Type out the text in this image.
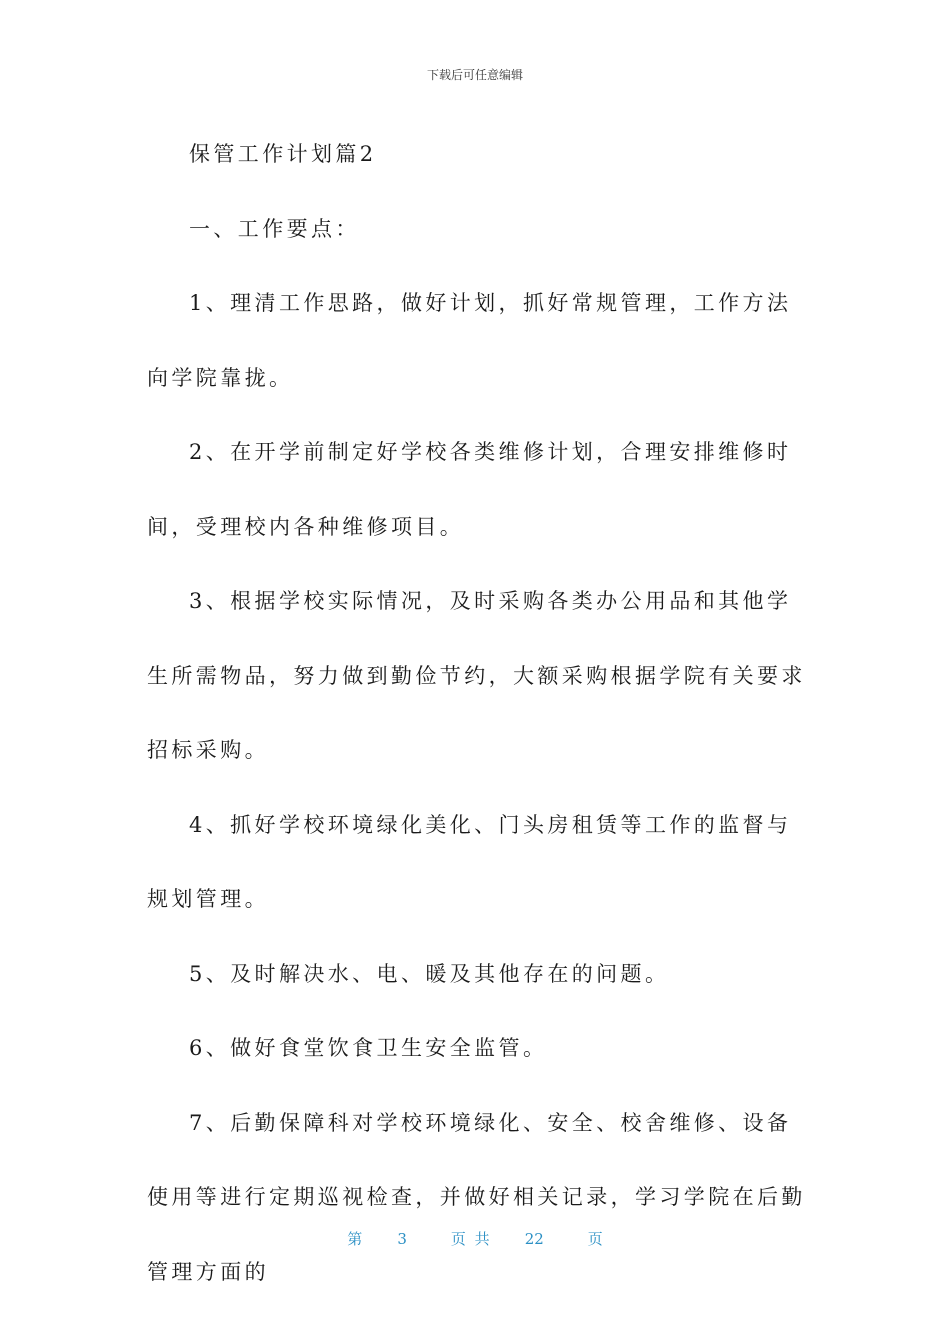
下载后可任意编辑

保管工作计划篇2

一、工作要点：

1、理清工作思路，做好计划，抓好常规管理，工作方法向学院靠拢。

2、在开学前制定好学校各类维修计划，合理安排维修时间，受理校内各种维修项目。

3、根据学校实际情况，及时采购各类办公用品和其他学生所需物品，努力做到勤俭节约，大额采购根据学院有关要求招标采购。

4、抓好学校环境绿化美化、门头房租赁等工作的监督与规划管理。

5、及时解决水、电、暖及其他存在的问题。

6、做好食堂饮食卫生安全监管。

7、后勤保障科对学校环境绿化、安全、校舍维修、设备使用等进行定期巡视检查，并做好相关记录，学习学院在后勤管理方面的

第 3	页 共 22	页
